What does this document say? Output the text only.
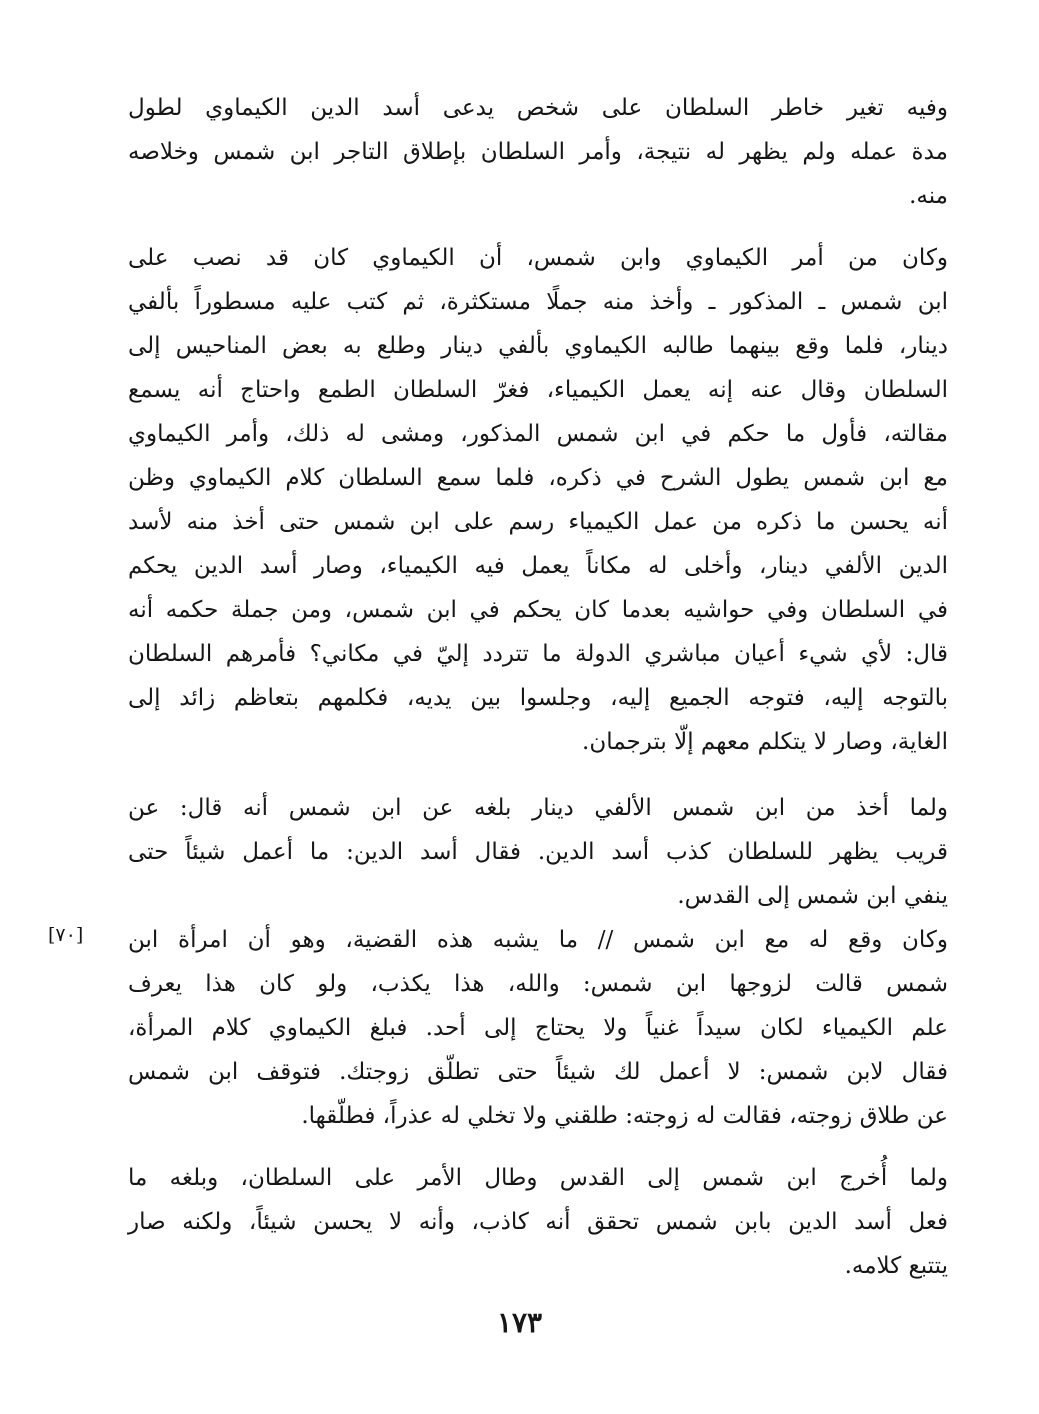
وفيه تغير خاطر السلطان على شخص يدعى أسد الدين الكيماوي لطول
مدة عمله ولم يظهر له نتيجة، وأمر السلطان بإطلاق التاجر ابن شمس وخلاصه
منه.
وكان من أمر الكيماوي وابن شمس، أن الكيماوي كان قد نصب على
ابن شمس ـ المذكور ـ وأخذ منه جملًا مستكثرة، ثم كتب عليه مسطوراً بألفي
دينار، فلما وقع بينهما طالبه الكيماوي بألفي دينار وطلع به بعض المناحيس إلى
السلطان وقال عنه إنه يعمل الكيمياء، فغرّ السلطان الطمع واحتاج أنه يسمع
مقالته، فأول ما حكم في ابن شمس المذكور، ومشى له ذلك، وأمر الكيماوي
مع ابن شمس يطول الشرح في ذكره، فلما سمع السلطان كلام الكيماوي وظن
أنه يحسن ما ذكره من عمل الكيمياء رسم على ابن شمس حتى أخذ منه لأسد
الدين الألفي دينار، وأخلى له مكاناً يعمل فيه الكيمياء، وصار أسد الدين يحكم
في السلطان وفي حواشيه بعدما كان يحكم في ابن شمس، ومن جملة حكمه أنه
قال: لأي شيء أعيان مباشري الدولة ما تتردد إليّ في مكاني؟ فأمرهم السلطان
بالتوجه إليه، فتوجه الجميع إليه، وجلسوا بين يديه، فكلمهم بتعاظم زائد إلى
الغاية، وصار لا يتكلم معهم إلّا بترجمان.
ولما أخذ من ابن شمس الألفي دينار بلغه عن ابن شمس أنه قال: عن
قريب يظهر للسلطان كذب أسد الدين. فقال أسد الدين: ما أعمل شيئاً حتى
ينفي ابن شمس إلى القدس.
[٧٠] وكان وقع له مع ابن شمس // ما يشبه هذه القضية، وهو أن امرأة ابن
شمس قالت لزوجها ابن شمس: والله، هذا يكذب، ولو كان هذا يعرف
علم الكيمياء لكان سيداً غنياً ولا يحتاج إلى أحد. فبلغ الكيماوي كلام المرأة،
فقال لابن شمس: لا أعمل لك شيئاً حتى تطلّق زوجتك. فتوقف ابن شمس
عن طلاق زوجته، فقالت له زوجته: طلقني ولا تخلي له عذراً، فطلّقها.
ولما أُخرج ابن شمس إلى القدس وطال الأمر على السلطان، وبلغه ما
فعل أسد الدين بابن شمس تحقق أنه كاذب، وأنه لا يحسن شيئاً، ولكنه صار
يتتبع كلامه.
١٧٣
